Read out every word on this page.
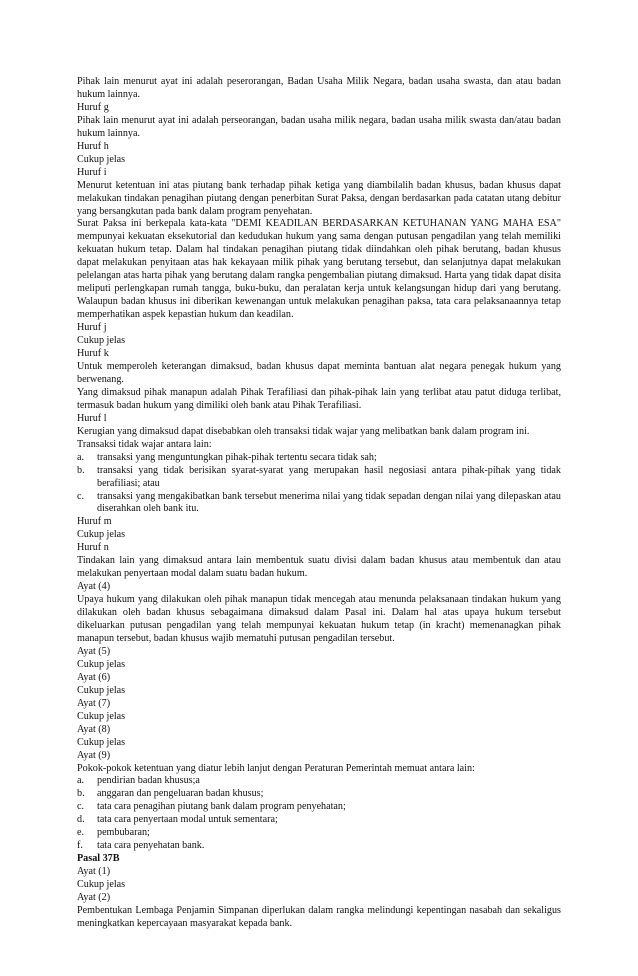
Pihak lain menurut ayat ini adalah peserorangan, Badan Usaha Milik Negara, badan usaha swasta, dan atau badan hukum lainnya.
Huruf g
Pihak lain menurut ayat ini adalah perseorangan, badan usaha milik negara, badan usaha milik swasta dan/atau badan hukum lainnya.
Huruf h
Cukup jelas
Huruf i
Menurut ketentuan ini atas piutang bank terhadap pihak ketiga yang diambilalih badan khusus, badan khusus dapat melakukan tindakan penagihan piutang dengan penerbitan Surat Paksa, dengan berdasarkan pada catatan utang debitur yang bersangkutan pada bank dalam program penyehatan.
Surat Paksa ini berkepala kata-kata "DEMI KEADILAN BERDASARKAN KETUHANAN YANG MAHA ESA" mempunyai kekuatan eksekutorial dan kedudukan hukum yang sama dengan putusan pengadilan yang telah memiliki kekuatan hukum tetap. Dalam hal tindakan penagihan piutang tidak diindahkan oleh pihak berutang, badan khusus dapat melakukan penyitaan atas hak kekayaan milik pihak yang berutang tersebut, dan selanjutnya dapat melakukan pelelangan atas harta pihak yang berutang dalam rangka pengembalian piutang dimaksud. Harta yang tidak dapat disita meliputi perlengkapan rumah tangga, buku-buku, dan peralatan kerja untuk kelangsungan hidup dari yang berutang. Walaupun badan khusus ini diberikan kewenangan untuk melakukan penagihan paksa, tata cara pelaksanaannya tetap memperhatikan aspek kepastian hukum dan keadilan.
Huruf j
Cukup jelas
Huruf k
Untuk memperoleh keterangan dimaksud, badan khusus dapat meminta bantuan alat negara penegak hukum yang berwenang.
Yang dimaksud pihak manapun adalah Pihak Terafiliasi dan pihak-pihak lain yang terlibat atau patut diduga terlibat, termasuk badan hukum yang dimiliki oleh bank atau Pihak Terafiliasi.
Huruf l
Kerugian yang dimaksud dapat disebabkan oleh transaksi tidak wajar yang melibatkan bank dalam program ini.
Transaksi tidak wajar antara lain:
a.	transaksi yang menguntungkan pihak-pihak tertentu secara tidak sah;
b.	transaksi yang tidak berisikan syarat-syarat yang merupakan hasil negosiasi antara pihak-pihak yang tidak berafiliasi; atau
c.	transaksi yang mengakibatkan bank tersebut menerima nilai yang tidak sepadan dengan nilai yang dilepaskan atau diserahkan oleh bank itu.
Huruf m
Cukup jelas
Huruf n
Tindakan lain yang dimaksud antara lain membentuk suatu divisi dalam badan khusus atau membentuk dan atau melakukan penyertaan modal dalam suatu badan hukum.
Ayat (4)
Upaya hukum yang dilakukan oleh pihak manapun tidak mencegah atau menunda pelaksanaan tindakan hukum yang dilakukan oleh badan khusus sebagaimana dimaksud dalam Pasal ini. Dalam hal atas upaya hukum tersebut dikeluarkan putusan pengadilan yang telah mempunyai kekuatan hukum tetap (in kracht) memenanagkan pihak manapun tersebut, badan khusus wajib mematuhi putusan pengadilan tersebut.
Ayat (5)
Cukup jelas
Ayat (6)
Cukup jelas
Ayat (7)
Cukup jelas
Ayat (8)
Cukup jelas
Ayat (9)
Pokok-pokok ketentuan yang diatur lebih lanjut dengan Peraturan Pemerintah memuat antara lain:
a.	pendirian badan khusus;a
b.	anggaran dan pengeluaran badan khusus;
c.	tata cara penagihan piutang bank dalam program penyehatan;
d.	tata cara penyertaan modal untuk sementara;
e.	pembubaran;
f.	tata cara penyehatan bank.
Pasal 37B
Ayat (1)
Cukup jelas
Ayat (2)
Pembentukan Lembaga Penjamin Simpanan diperlukan dalam rangka melindungi kepentingan nasabah dan sekaligus meningkatkan kepercayaan masyarakat kepada bank.
